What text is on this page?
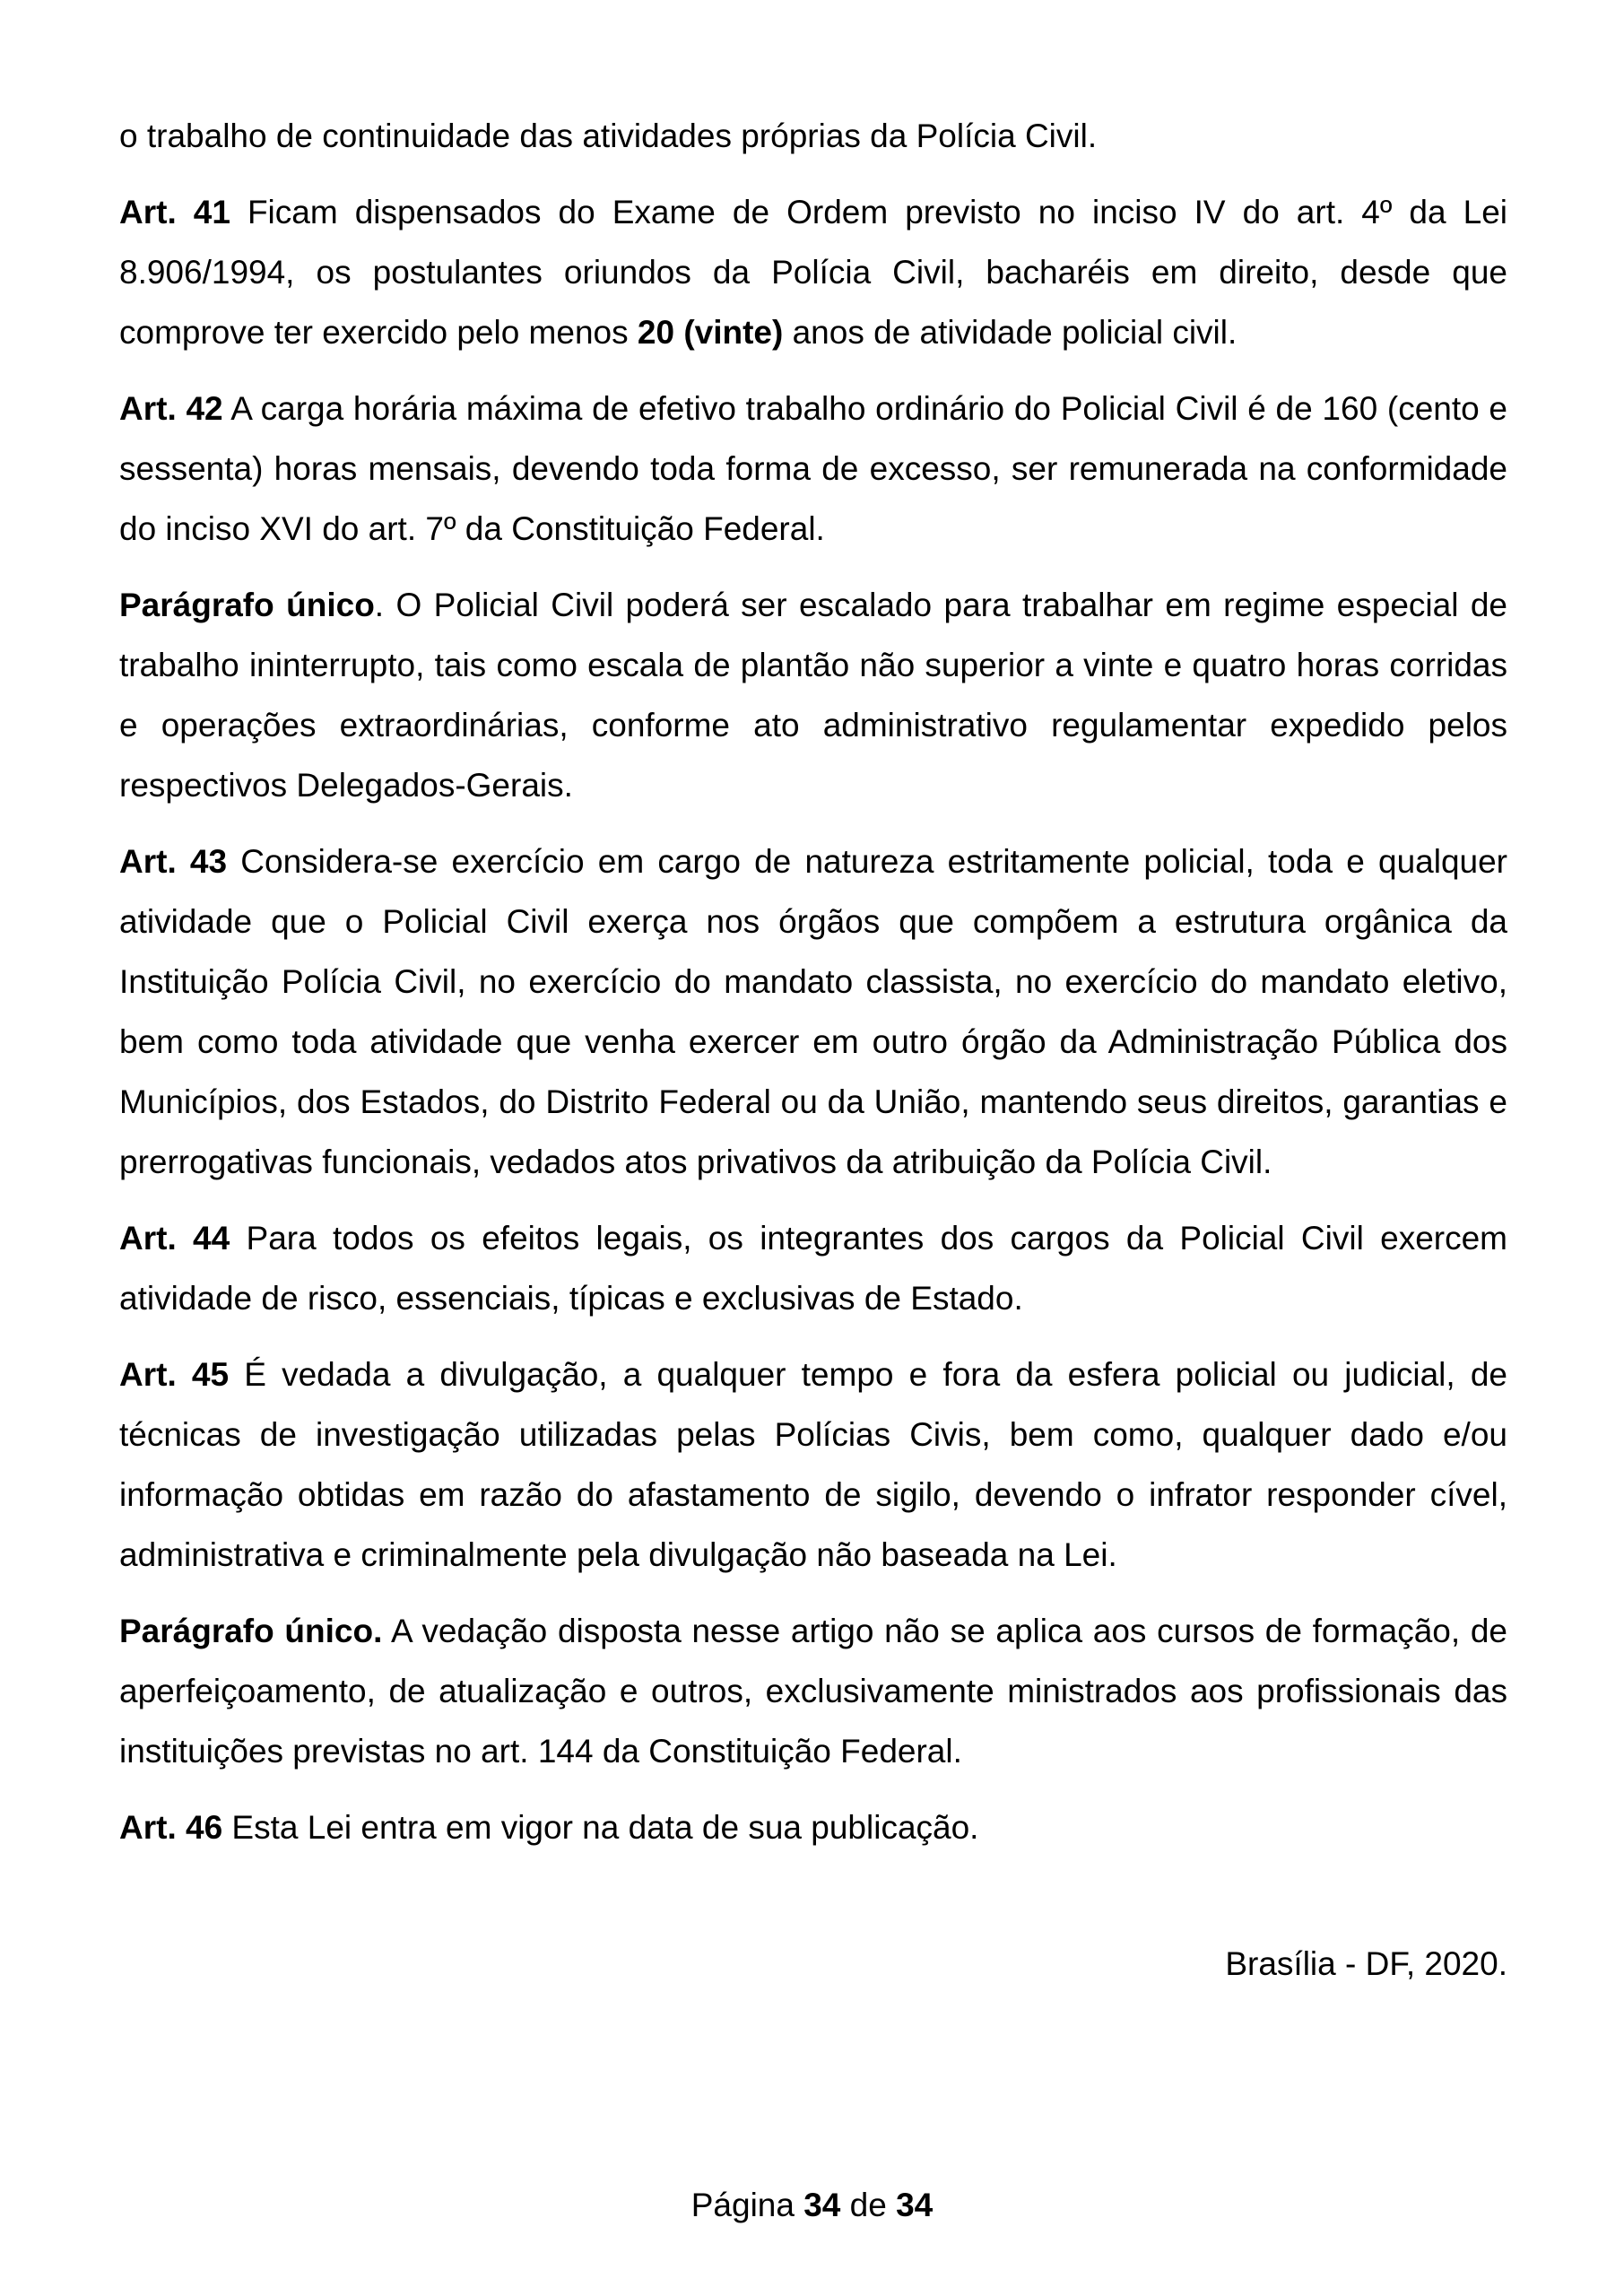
o trabalho de continuidade das atividades próprias da Polícia Civil.

Art. 41 Ficam dispensados do Exame de Ordem previsto no inciso IV do art. 4º da Lei 8.906/1994, os postulantes oriundos da Polícia Civil, bacharéis em direito, desde que comprove ter exercido pelo menos 20 (vinte) anos de atividade policial civil.

Art. 42 A carga horária máxima de efetivo trabalho ordinário do Policial Civil é de 160 (cento e sessenta) horas mensais, devendo toda forma de excesso, ser remunerada na conformidade do inciso XVI do art. 7º da Constituição Federal.

Parágrafo único. O Policial Civil poderá ser escalado para trabalhar em regime especial de trabalho ininterrupto, tais como escala de plantão não superior a vinte e quatro horas corridas e operações extraordinárias, conforme ato administrativo regulamentar expedido pelos respectivos Delegados-Gerais.

Art. 43 Considera-se exercício em cargo de natureza estritamente policial, toda e qualquer atividade que o Policial Civil exerça nos órgãos que compõem a estrutura orgânica da Instituição Polícia Civil, no exercício do mandato classista, no exercício do mandato eletivo, bem como toda atividade que venha exercer em outro órgão da Administração Pública dos Municípios, dos Estados, do Distrito Federal ou da União, mantendo seus direitos, garantias e prerrogativas funcionais, vedados atos privativos da atribuição da Polícia Civil.

Art. 44 Para todos os efeitos legais, os integrantes dos cargos da Policial Civil exercem atividade de risco, essenciais, típicas e exclusivas de Estado.

Art. 45 É vedada a divulgação, a qualquer tempo e fora da esfera policial ou judicial, de técnicas de investigação utilizadas pelas Polícias Civis, bem como, qualquer dado e/ou informação obtidas em razão do afastamento de sigilo, devendo o infrator responder cível, administrativa e criminalmente pela divulgação não baseada na Lei.

Parágrafo único. A vedação disposta nesse artigo não se aplica aos cursos de formação, de aperfeiçoamento, de atualização e outros, exclusivamente ministrados aos profissionais das instituições previstas no art. 144 da Constituição Federal.

Art. 46 Esta Lei entra em vigor na data de sua publicação.

Brasília - DF, 2020.

Página 34 de 34
